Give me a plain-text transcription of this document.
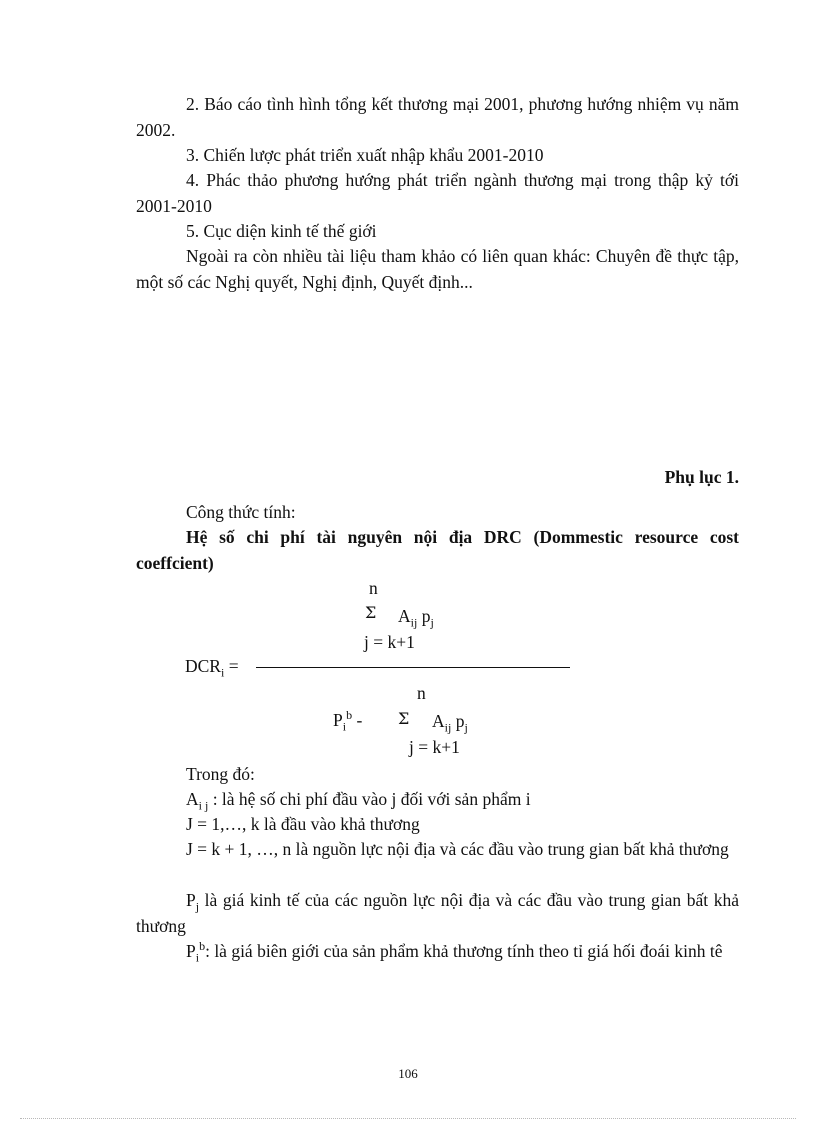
2. Báo cáo tình hình tổng kết thương mại 2001, phương hướng nhiệm vụ năm 2002.
3. Chiến lược phát triển xuất nhập khẩu 2001-2010
4. Phác thảo phương hướng phát triển ngành thương mại trong thập kỷ tới 2001-2010
5. Cục diện kinh tế thế giới
Ngoài ra còn nhiều tài liệu tham khảo có liên quan khác: Chuyên đề thực tập, một số các Nghị quyết, Nghị định, Quyết định...
Phụ lục 1.
Công thức tính:
Hệ số chi phí tài nguyên nội địa DRC (Dommestic resource cost coeffcient)
n
Σ $A_{ij}$ $p_j$
j = k+1
$DCR_i$ =
n
$P_i^b$ - Σ $A_{ij}$ $p_j$
j = k+1
Trong đó:
$A_{i j}$ : là hệ số chi phí đầu vào j đối với sản phẩm i
J = 1,…, k là đầu vào khả thương
J = k + 1, …, n là nguồn lực nội địa và các đầu vào trung gian bất khả thương
$P_j$ là giá kinh tế của các nguồn lực nội địa và các đầu vào trung gian bất khả thương
$P_i^b$: là giá biên giới của sản phẩm khả thương tính theo tỉ giá hối đoái kinh tê
106
